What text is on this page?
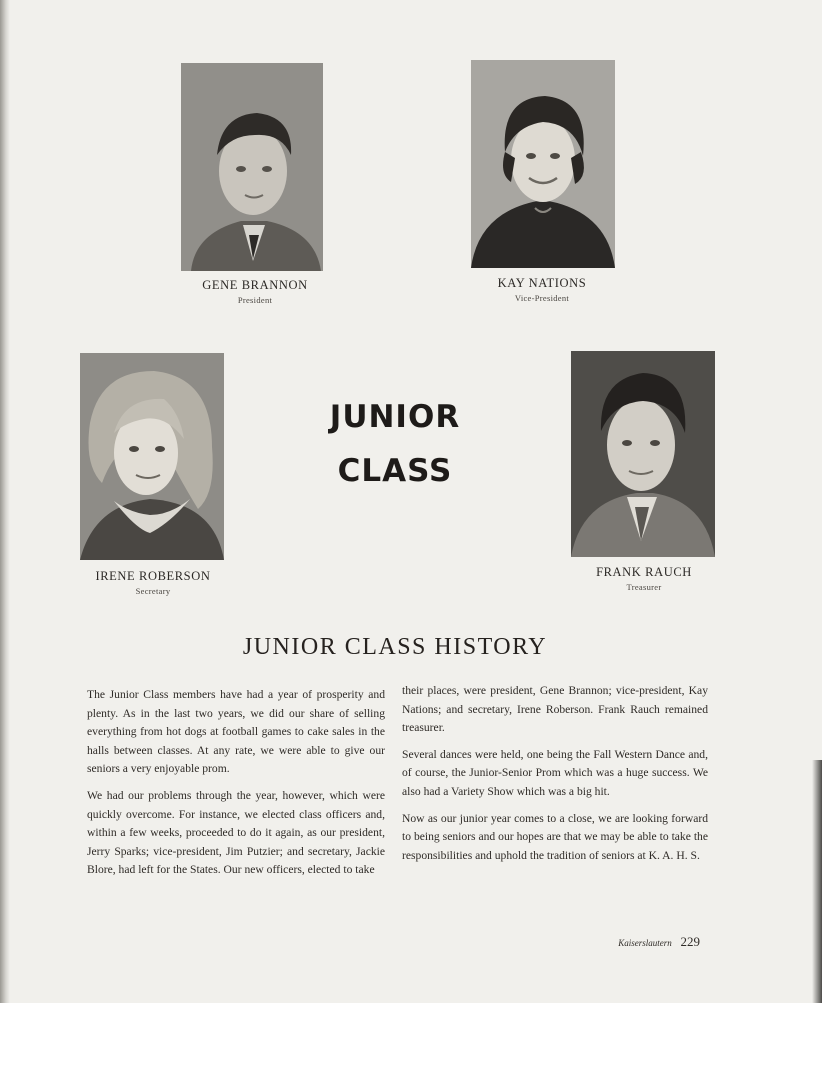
GENE BRANNON
President
KAY NATIONS
Vice-President
IRENE ROBERSON
Secretary
FRANK RAUCH
Treasurer
JUNIOR
CLASS
JUNIOR CLASS HISTORY

The Junior Class members have had a year of prosperity and plenty. As in the last two years, we did our share of selling everything from hot dogs at football games to cake sales in the halls between classes. At any rate, we were able to give our seniors a very enjoyable prom.

We had our problems through the year, however, which were quickly overcome. For instance, we elected class officers and, within a few weeks, proceeded to do it again, as our president, Jerry Sparks; vice-president, Jim Putzier; and secretary, Jackie Blore, had left for the States. Our new officers, elected to take

their places, were president, Gene Brannon; vice-president, Kay Nations; and secretary, Irene Roberson. Frank Rauch remained treasurer.

Several dances were held, one being the Fall Western Dance and, of course, the Junior-Senior Prom which was a huge success. We also had a Variety Show which was a big hit.

Now as our junior year comes to a close, we are looking forward to being seniors and our hopes are that we may be able to take the responsibilities and uphold the tradition of seniors at K. A. H. S.

Kaiserslautern 229
